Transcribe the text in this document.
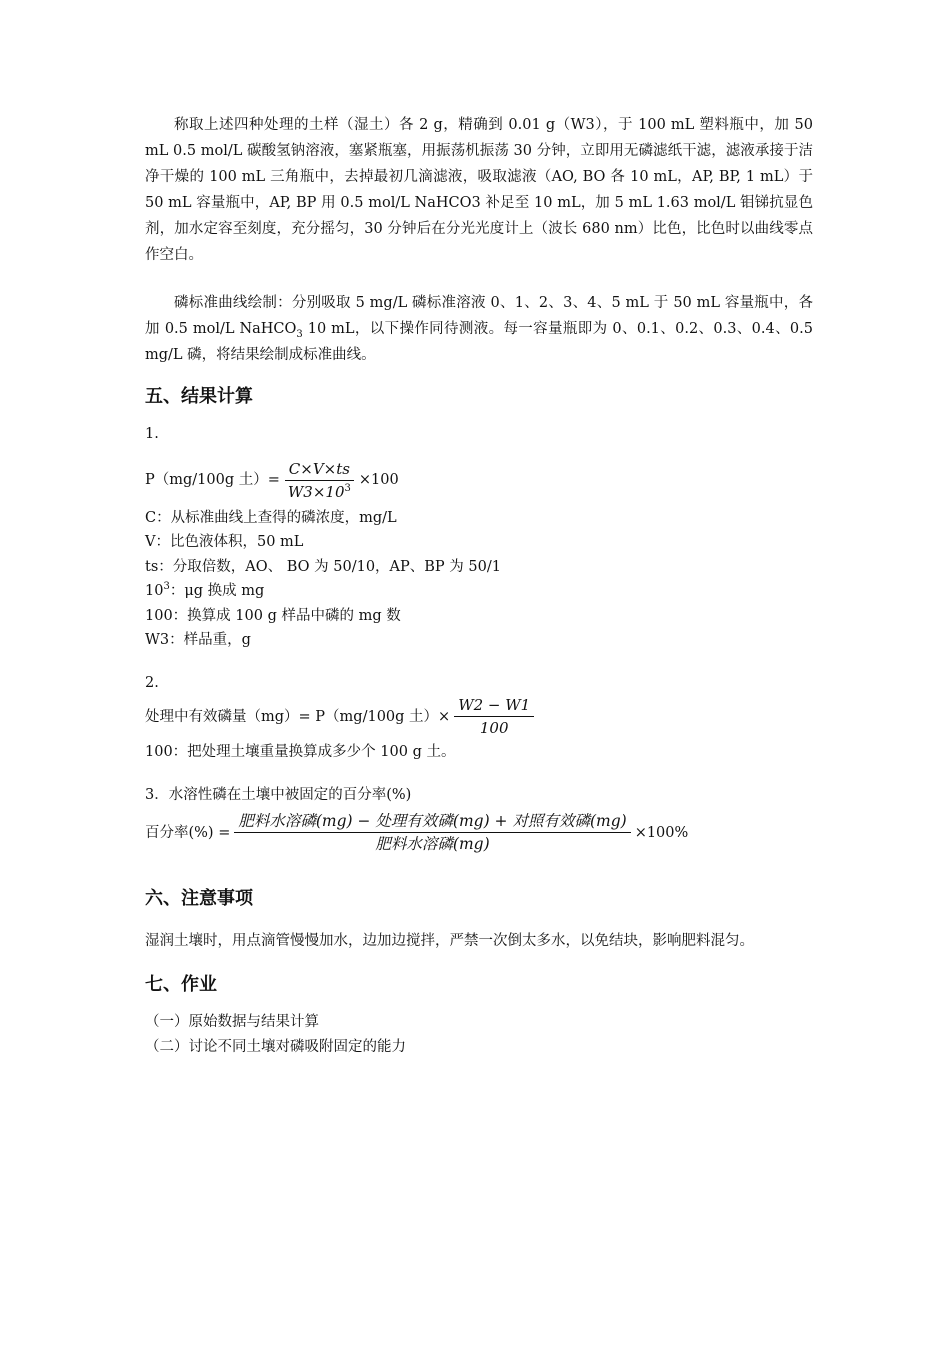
称取上述四种处理的土样（湿土）各 2 g，精确到 0.01 g（W3），于 100 mL 塑料瓶中，加 50 mL 0.5 mol/L 碳酸氢钠溶液，塞紧瓶塞，用振荡机振荡 30 分钟，立即用无磷滤纸干滤，滤液承接于洁净干燥的 100 mL 三角瓶中，去掉最初几滴滤液，吸取滤液（AO, BO 各 10 mL，AP, BP, 1 mL）于 50 mL 容量瓶中，AP, BP 用 0.5 mol/L NaHCO3 补足至 10 mL，加 5 mL 1.63 mol/L 钼锑抗显色剂，加水定容至刻度，充分摇匀，30 分钟后在分光光度计上（波长 680 nm）比色，比色时以曲线零点作空白。

磷标准曲线绘制：分别吸取 5 mg/L 磷标准溶液 0、1、2、3、4、5 mL 于 50 mL 容量瓶中，各加 0.5 mol/L NaHCO$_3$ 10 mL，以下操作同待测液。每一容量瓶即为 0、0.1、0.2、0.3、0.4、0.5 mg/L 磷，将结果绘制成标准曲线。

五、结果计算

1.

P（mg/100g 土）= $\frac{C\times V\times ts}{W3\times 10^3} \times 100$

C：从标准曲线上查得的磷浓度，mg/L

V：比色液体积，50 mL

ts：分取倍数，AO、 BO 为 50/10，AP、BP 为 50/1

$10^3$：μg 换成 mg

100：换算成 100 g 样品中磷的 mg 数

W3：样品重，g

2.

处理中有效磷量（mg）= P（mg/100g 土）× $\frac{W2 - W1}{100}$

100：把处理土壤重量换算成多少个 100 g 土。

3．水溶性磷在土壤中被固定的百分率(%)

百分率(%) = $\frac{\text{肥料水溶磷(mg) − 处理有效磷(mg) + 对照有效磷(mg)}}{\text{肥料水溶磷(mg)}} \times 100\%$
六、注意事项

湿润土壤时，用点滴管慢慢加水，边加边搅拌，严禁一次倒太多水，以免结块，影响肥料混匀。

七、作业

（一）原始数据与结果计算

（二）讨论不同土壤对磷吸附固定的能力
